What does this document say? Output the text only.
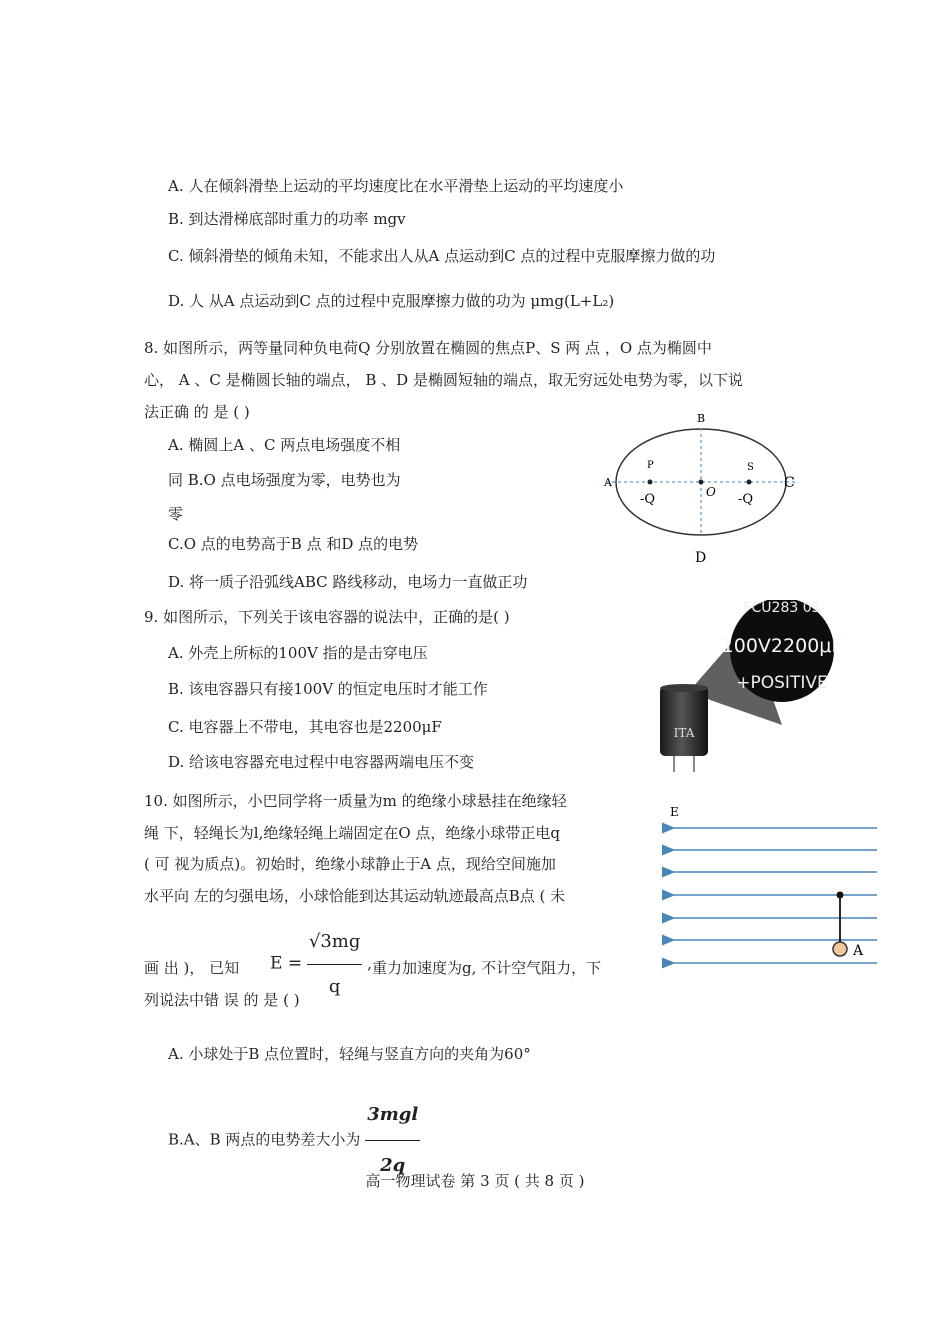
A. 人在倾斜滑垫上运动的平均速度比在水平滑垫上运动的平均速度小
B. 到达滑梯底部时重力的功率 mgv
C. 倾斜滑垫的倾角未知，不能求出人从A 点运动到C 点的过程中克服摩擦力做的功
D. 人 从A 点运动到C 点的过程中克服摩擦力做的功为 μmg(L+L₂)
8. 如图所示，两等量同种负电荷Q 分别放置在椭圆的焦点P、S 两 点 ，O 点为椭圆中
心， A 、C 是椭圆长轴的端点， B 、D 是椭圆短轴的端点，取无穷远处电势为零，以下说
法正确 的 是 ( )
A. 椭圆上A 、C 两点电场强度不相
同 B.O 点电场强度为零，电势也为
零
C.O 点的电势高于B 点 和D 点的电势
D. 将一质子沿弧线ABC 路线移动，电场力一直做正功
B
A	C
D
P	S
O
-Q	-Q
9. 如图所示，下列关于该电容器的说法中，正确的是( )
A. 外壳上所标的100V 指的是击穿电压
B. 该电容器只有接100V 的恒定电压时才能工作
C. 电容器上不带电，其电容也是2200μF
D. 给该电容器充电过程中电容器两端电压不变
FCU283 05
100V2200μF
+POSITIVE
ITA
10. 如图所示，小巴同学将一质量为m 的绝缘小球悬挂在绝缘轻
绳 下，轻绳长为l,绝缘轻绳上端固定在O 点，绝缘小球带正电q
( 可 视为质点)。初始时，绝缘小球静止于A 点，现给空间施加
水平向 左的匀强电场，小球恰能到达其运动轨迹最高点B点 ( 未
$E = \frac{√3mg}{q}$ ,
画 出 )， 已知	重力加速度为g, 不计空气阻力，下
列说法中错 误 的 是 ( )
A. 小球处于B 点位置时，轻绳与竖直方向的夹角为60°
B.A、B 两点的电势差大小为 $\frac{\text{3mgl}}{2q}$
E
A
高一物理试卷 第 3 页 ( 共 8 页 )
